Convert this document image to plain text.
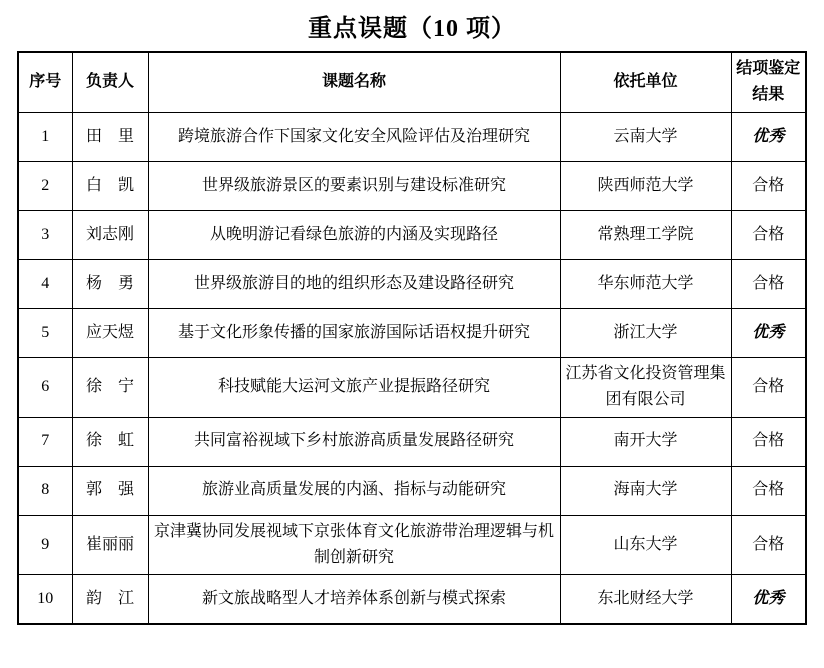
重点误题（10 项）
序号	负责人	课题名称	依托单位	结项鉴定结果
1	田　里	跨境旅游合作下国家文化安全风险评估及治理研究	云南大学	优秀
2	白　凯	世界级旅游景区的要素识别与建设标准研究	陕西师范大学	合格
3	刘志刚	从晚明游记看绿色旅游的内涵及实现路径	常熟理工学院	合格
4	杨　勇	世界级旅游目的地的组织形态及建设路径研究	华东师范大学	合格
5	应天煜	基于文化形象传播的国家旅游国际话语权提升研究	浙江大学	优秀
6	徐　宁	科技赋能大运河文旅产业提振路径研究	江苏省文化投资管理集团有限公司	合格
7	徐　虹	共同富裕视域下乡村旅游高质量发展路径研究	南开大学	合格
8	郭　强	旅游业高质量发展的内涵、指标与动能研究	海南大学	合格
9	崔丽丽	京津冀协同发展视域下京张体育文化旅游带治理逻辑与机制创新研究	山东大学	合格
10	韵　江	新文旅战略型人才培养体系创新与模式探索	东北财经大学	优秀
